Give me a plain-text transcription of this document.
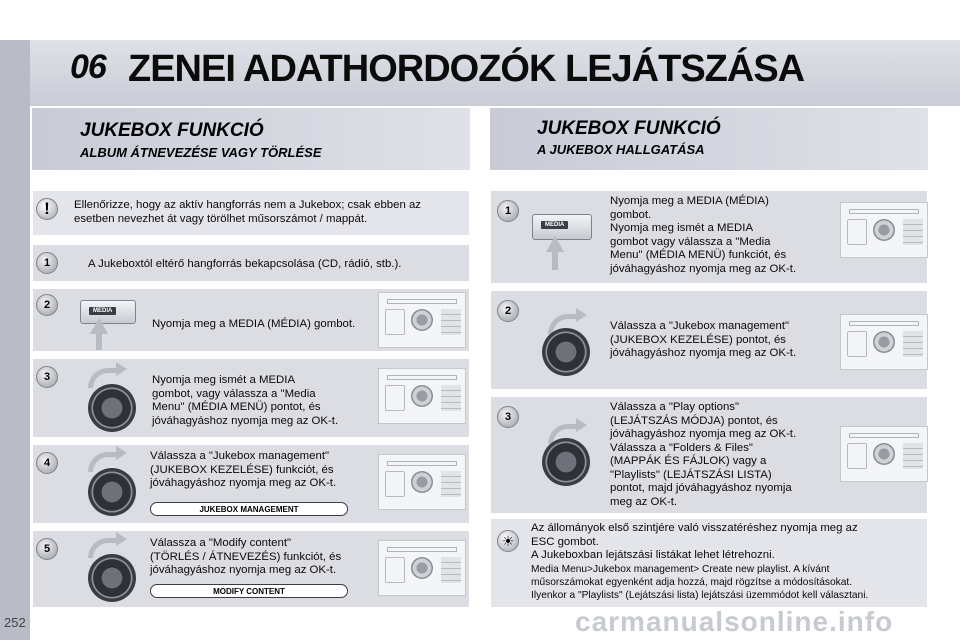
06 ZENEI ADATHORDOZÓK LEJÁTSZÁSA
JUKEBOX FUNKCIÓ
ALBUM ÁTNEVEZÉSE VAGY TÖRLÉSE
JUKEBOX FUNKCIÓ
A JUKEBOX HALLGATÁSA
!	Ellenőrizze, hogy az aktív hangforrás nem a Jukebox; csak ebben az
esetben nevezhet át vagy törölhet műsorszámot / mappát.
1	A Jukeboxtól eltérő hangforrás bekapcsolása (CD, rádió, stb.).
2	MEDIA
Nyomja meg a MEDIA (MÉDIA) gombot.
3	Nyomja meg ismét a MEDIA
gombot, vagy válassza a "Media
Menu" (MÉDIA MENÜ) pontot, és
jóváhagyáshoz nyomja meg az OK-t.
4
Válassza a "Jukebox management"
(JUKEBOX KEZELÉSE) funkciót, és
jóváhagyáshoz nyomja meg az OK-t.
JUKEBOX MANAGEMENT
5	Válassza a "Modify content"
(TÖRLÉS / ÁTNEVEZÉS) funkciót, és
jóváhagyáshoz nyomja meg az OK-t.
MODIFY CONTENT
1
MEDIA
Nyomja meg a MEDIA (MÉDIA)
gombot.
Nyomja meg ismét a MEDIA
gombot vagy válassza a "Media
Menu" (MÉDIA MENÜ) funkciót, és
jóváhagyáshoz nyomja meg az OK-t.
2
Válassza a "Jukebox management"
(JUKEBOX KEZELÉSE) pontot, és
jóváhagyáshoz nyomja meg az OK-t.
3
Válassza a "Play options"
(LEJÁTSZÁS MÓDJA) pontot, és
jóváhagyáshoz nyomja meg az OK-t.
Válassza a "Folders & Files"
(MAPPÁK ÉS FÁJLOK) vagy a
"Playlists" (LEJÁTSZÁSI LISTA)
pontot, majd jóváhagyáshoz nyomja
meg az OK-t.
☀
Az állományok első szintjére való visszatéréshez nyomja meg az
ESC gombot.
A Jukeboxban lejátszási listákat lehet létrehozni.
Media Menu>Jukebox management> Create new playlist. A kívánt
műsorszámokat egyenként adja hozzá, majd rögzítse a módosításokat.
Ilyenkor a "Playlists" (Lejátszási lista) lejátszási üzemmódot kell választani.
252	carmanualsonline.info
